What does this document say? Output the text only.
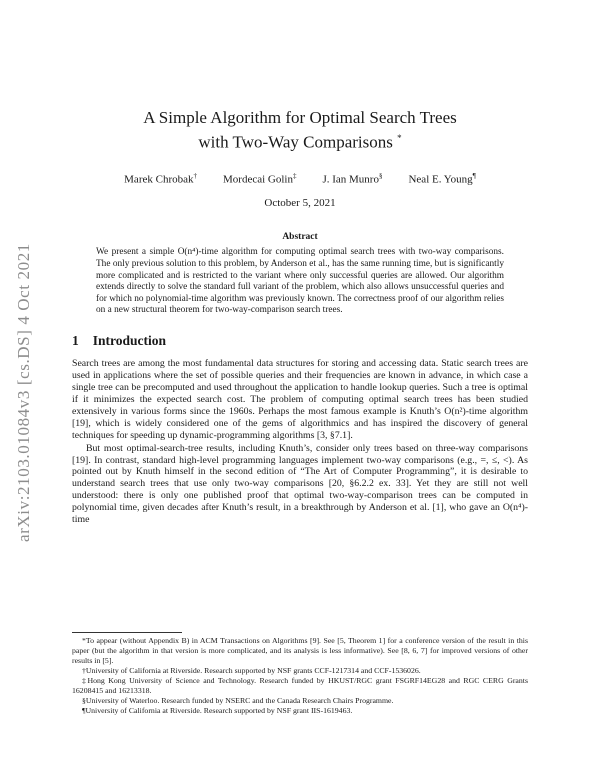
arXiv:2103.01084v3 [cs.DS] 4 Oct 2021
A Simple Algorithm for Optimal Search Trees
with Two-Way Comparisons *
Marek Chrobak† Mordecai Golin‡ J. Ian Munro§ Neal E. Young¶
October 5, 2021
Abstract

We present a simple O(n⁴)-time algorithm for computing optimal search trees with two-way comparisons. The only previous solution to this problem, by Anderson et al., has the same running time, but is significantly more complicated and is restricted to the variant where only successful queries are allowed. Our algorithm extends directly to solve the standard full variant of the problem, which also allows unsuccessful queries and for which no polynomial-time algorithm was previously known. The correctness proof of our algorithm relies on a new structural theorem for two-way-comparison search trees.

1 Introduction

Search trees are among the most fundamental data structures for storing and accessing data. Static search trees are used in applications where the set of possible queries and their frequencies are known in advance, in which case a single tree can be precomputed and used throughout the application to handle lookup queries. Such a tree is optimal if it minimizes the expected search cost. The problem of computing optimal search trees has been studied extensively in various forms since the 1960s. Perhaps the most famous example is Knuth’s O(n²)-time algorithm [19], which is widely considered one of the gems of algorithmics and has inspired the discovery of general techniques for speeding up dynamic-programming algorithms [3, §7.1].

But most optimal-search-tree results, including Knuth’s, consider only trees based on three-way comparisons [19]. In contrast, standard high-level programming languages implement two-way comparisons (e.g., =, ≤, <). As pointed out by Knuth himself in the second edition of “The Art of Computer Programming”, it is desirable to understand search trees that use only two-way comparisons [20, §6.2.2 ex. 33]. Yet they are still not well understood: there is only one published proof that optimal two-way-comparison trees can be computed in polynomial time, given decades after Knuth’s result, in a breakthrough by Anderson et al. [1], who gave an O(n⁴)-time

*To appear (without Appendix B) in ACM Transactions on Algorithms [9]. See [5, Theorem 1] for a conference version of the result in this paper (but the algorithm in that version is more complicated, and its analysis is less informative). See [8, 6, 7] for improved versions of other results in [5].

†University of California at Riverside. Research supported by NSF grants CCF-1217314 and CCF-1536026.

‡Hong Kong University of Science and Technology. Research funded by HKUST/RGC grant FSGRF14EG28 and RGC CERG Grants 16208415 and 16213318.

§University of Waterloo. Research funded by NSERC and the Canada Research Chairs Programme.

¶University of California at Riverside. Research supported by NSF grant IIS-1619463.
